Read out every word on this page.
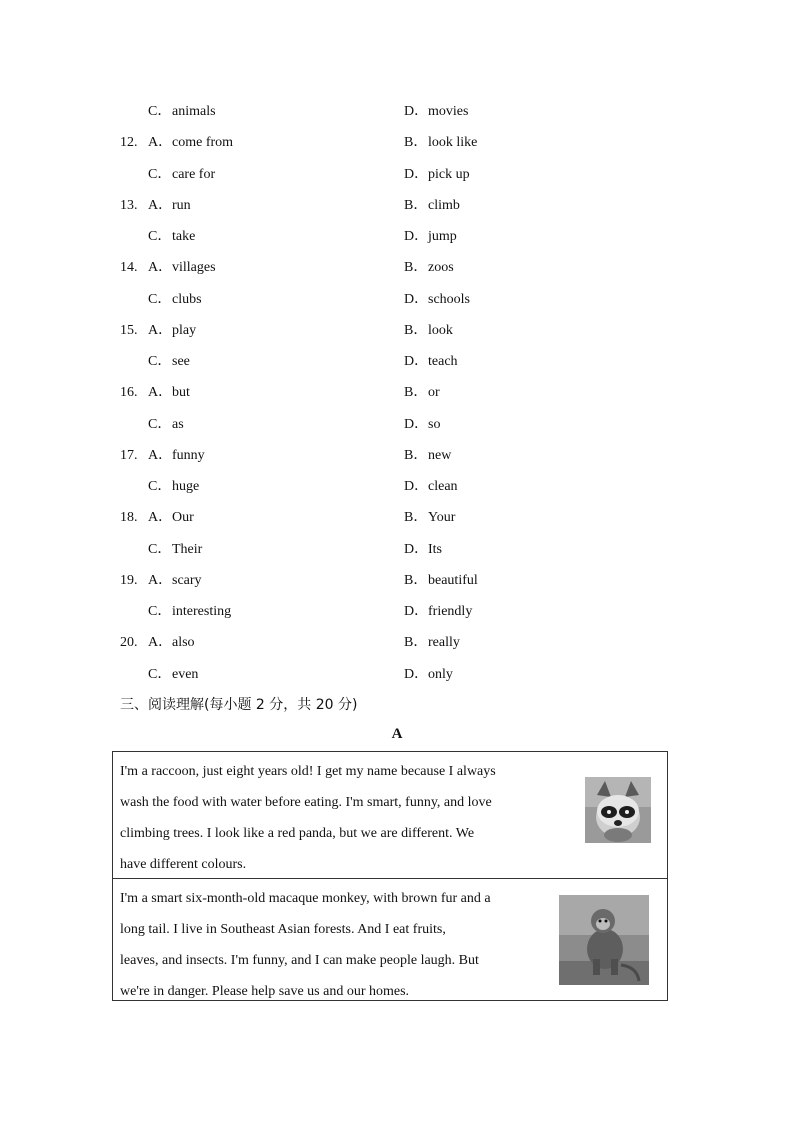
C．animals	D．movies
12. A．come from	B．look like
C．care for	D．pick up
13. A．run	B．climb
C．take	D．jump
14. A．villages	B．zoos
C．clubs	D．schools
15. A．play	B．look
C．see	D．teach
16. A．but	B．or
C．as	D．so
17. A．funny	B．new
C．huge	D．clean
18. A．Our	B．Your
C．Their	D．Its
19. A．scary	B．beautiful
C．interesting	D．friendly
20. A．also	B．really
C．even	D．only
三、阅读理解(每小题 2 分，共 20 分)
A
I'm a raccoon, just eight years old! I get my name because I always
wash the food with water before eating. I'm smart, funny, and love
climbing trees. I look like a red panda, but we are different. We
have different colours.
I'm a smart six-month-old macaque monkey, with brown fur and a
long tail. I live in Southeast Asian forests. And I eat fruits,
leaves, and insects. I'm funny, and I can make people laugh. But
we're in danger. Please help save us and our homes.
